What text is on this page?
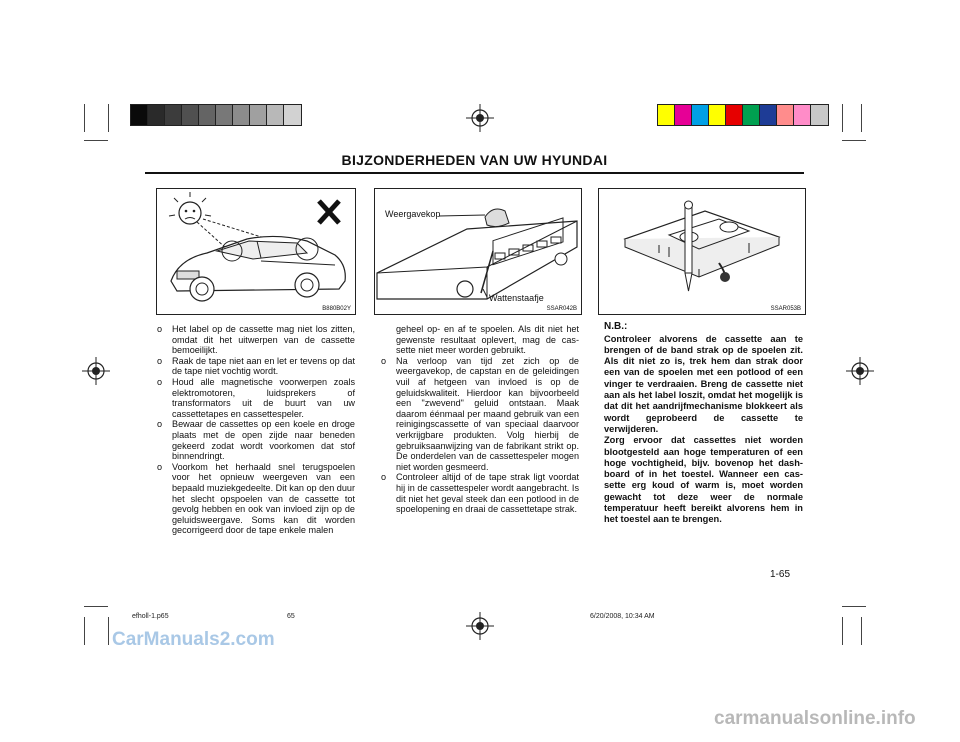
BIJZONDERHEDEN VAN UW HYUNDAI
B880B02Y
Weergavekop
Wattenstaafje
SSAR042B	SSAR053B

o Het label op de cassette mag niet los zitten, omdat dit het uitwerpen van de cassette bemoeilijkt.

o Raak de tape niet aan en let er tevens op dat de tape niet vochtig wordt.

o Houd alle magnetische voorwerpen zoals elektromotoren, luidsprekers of transformators uit de buurt van uw cassettetapes en cassettespeler.

o Bewaar de cassettes op een koele en droge plaats met de open zijde naar beneden gekeerd zodat wordt voorkomen dat stof binnendringt.

o Voorkom het herhaald snel terugspoelen voor het opnieuw weergeven van een bepaald muziekgedeelte. Dit kan op den duur het slecht opspoelen van de cassette tot gevolg hebben en ook van invloed zijn op de geluidsweergave. Soms kan dit worden gecorrigeerd door de tape enkele malen

geheel op- en af te spoelen. Als dit niet het gewenste resultaat oplevert, mag de cas-sette niet meer worden gebruikt.

o Na verloop van tijd zet zich op de weergavekop, de capstan en de geleidingen vuil af hetgeen van invloed is op de geluidskwaliteit. Hierdoor kan bijvoorbeeld een "zwevend" geluid ontstaan. Maak daarom éénmaal per maand gebruik van een reinigingscassette of van speciaal daarvoor verkrijgbare produkten. Volg hierbij de gebruiksaanwijzing van de fabrikant strikt op. De onderdelen van de cassettespeler mogen niet worden gesmeerd.

o Controleer altijd of de tape strak ligt voordat hij in de cassettespeler wordt aangebracht. Is dit niet het geval steek dan een potlood in de spoelopening en draai de cassettetape strak.

N.B.:

Controleer alvorens de cassette aan te brengen of de band strak op de spoelen zit. Als dit niet zo is, trek hem dan strak door een van de spoelen met een potlood of een vinger te verdraaien. Breng de cassette niet aan als het label loszit, omdat het mogelijk is dat dit het aandrijfmechanisme blokkeert als wordt geprobeerd de cassette te verwijderen.

Zorg ervoor dat cassettes niet worden blootgesteld aan hoge temperaturen of een hoge vochtigheid, bijv. bovenop het dash-board of in het toestel. Wanneer een cas-sette erg koud of warm is, moet worden gewacht tot deze weer de normale temperatuur heeft bereikt alvorens hem in het toestel aan te brengen.

1-65
efholl-1.p65	65	6/20/2008, 10:34 AM
CarManuals2.com
carmanualsonline.info
